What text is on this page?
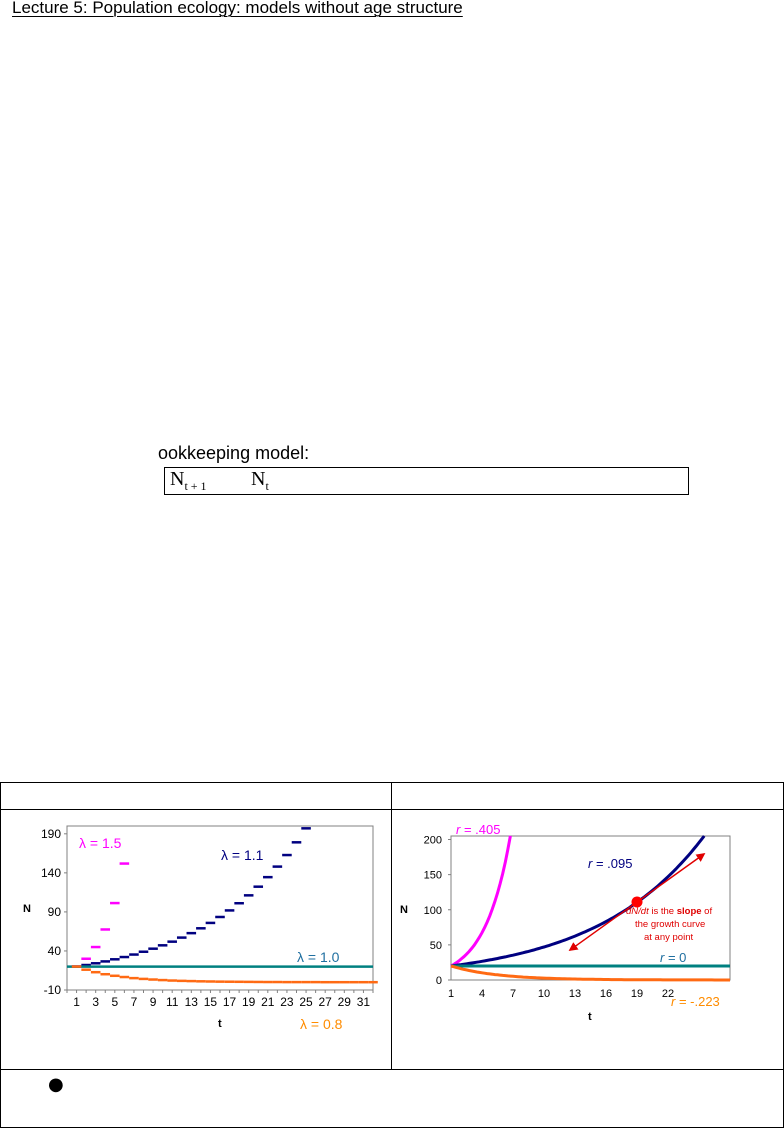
Lecture 5: Population ecology: models without age structure
ookkeeping model:
$N_{t + 1}$ $N_t$
190
140
90
40
-10
1 3 5 7 9 11 13 15 17 19 21 23 25 27 29 31
N
t
λ = 1.5
λ = 1.1
λ = 1.0
λ = 0.8
200
150
100
50
0
1 4 7 10 13 16 19 22
N
t
r = .405
r = .095
r = 0
r = -.223
dN/dt is the slope of
the growth curve
at any point
●
